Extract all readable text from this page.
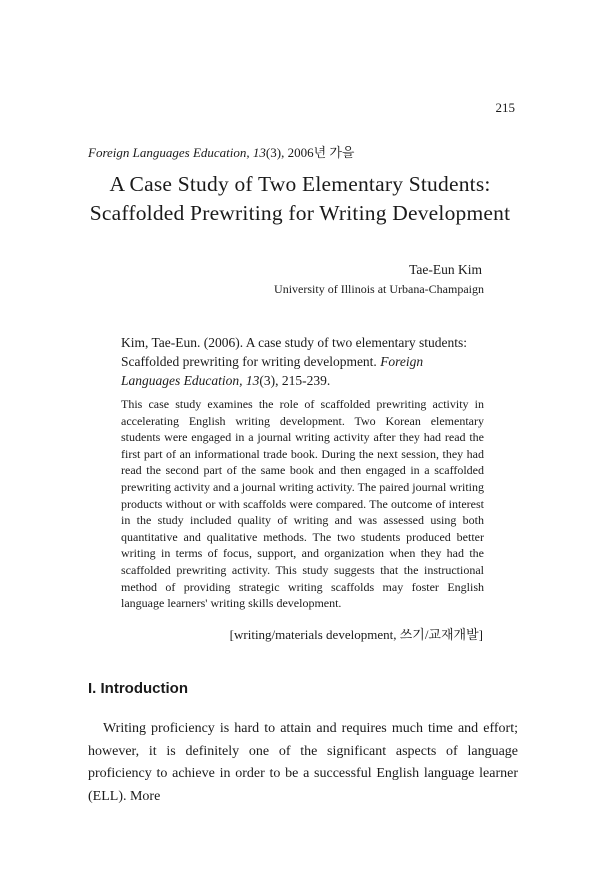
215
Foreign Languages Education, 13(3), 2006년 가을
A Case Study of Two Elementary Students:
Scaffolded Prewriting for Writing Development
Tae-Eun Kim
University of Illinois at Urbana-Champaign
Kim, Tae-Eun. (2006). A case study of two elementary students: Scaffolded prewriting for writing development. Foreign Languages Education, 13(3), 215-239.

This case study examines the role of scaffolded prewriting activity in accelerating English writing development. Two Korean elementary students were engaged in a journal writing activity after they had read the first part of an informational trade book. During the next session, they had read the second part of the same book and then engaged in a scaffolded prewriting activity and a journal writing activity. The paired journal writing products without or with scaffolds were compared. The outcome of interest in the study included quality of writing and was assessed using both quantitative and qualitative methods. The two students produced better writing in terms of focus, support, and organization when they had the scaffolded prewriting activity. This study suggests that the instructional method of providing strategic writing scaffolds may foster English language learners' writing skills development.

[writing/materials development, 쓰기/교재개발]
I. Introduction

Writing proficiency is hard to attain and requires much time and effort; however, it is definitely one of the significant aspects of language proficiency to achieve in order to be a successful English language learner (ELL). More
